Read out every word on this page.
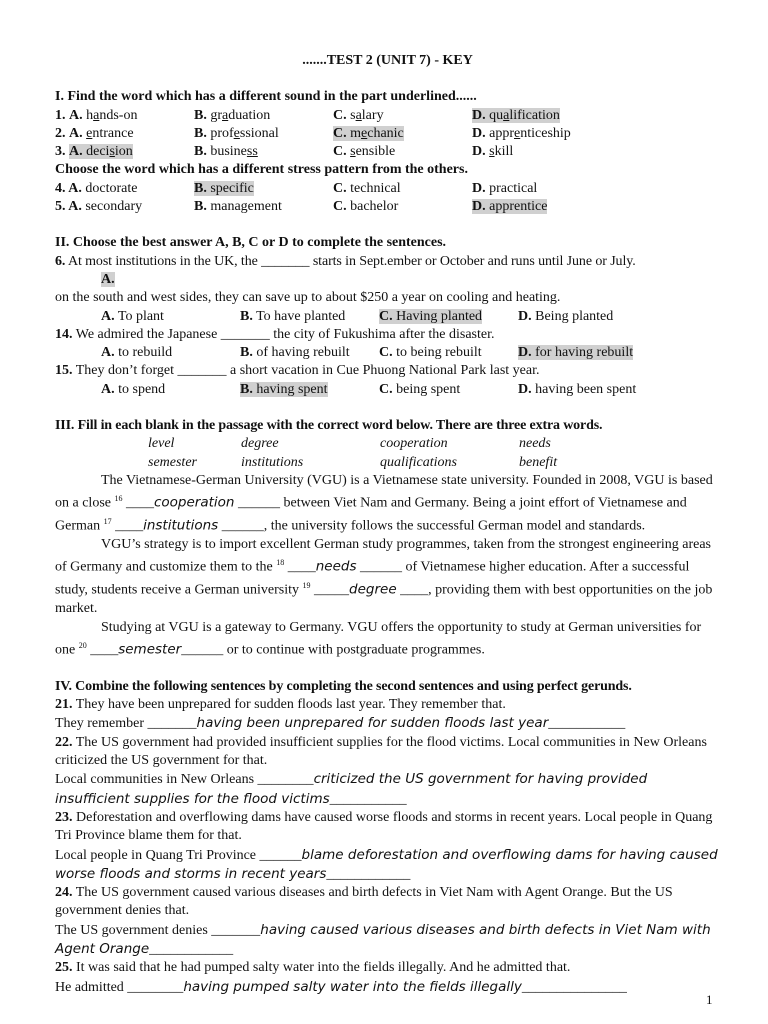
.......TEST 2 (UNIT 7) - KEY
I. Find the word which has a different sound in the part underlined......
1. A. hands-on	B. graduation	C. salary	D. qualification
2. A. entrance	B. professional	C. mechanic	D. apprenticeship
3. A. decision	B. business	C. sensible	D. skill
Choose the word which has a different stress pattern from the others.
4. A. doctorate	B. specific	C. technical	D. practical
5. A. secondary	B. management	C. bachelor	D. apprentice
II. Choose the best answer A, B, C or D to complete the sentences.
6. At most institutions in the UK, the _______ starts in Sept.ember or October and runs until June or July.
A.
on the south and west sides, they can save up to about $250 a year on cooling and heating.
A. To plant	B. To have planted	C. Having planted	D. Being planted
14. We admired the Japanese _______ the city of Fukushima after the disaster.
A. to rebuild	B. of having rebuilt	C. to being rebuilt	D. for having rebuilt
15. They don’t forget _______ a short vacation in Cue Phuong National Park last year.
A. to spend	B. having spent	C. being spent	D. having been spent
III. Fill in each blank in the passage with the correct word below. There are three extra words.
level	degree	cooperation	needs
semester	institutions	qualifications	benefit
The Vietnamese-German University (VGU) is a Vietnamese state university. Founded in 2008, VGU is based on a close $^{16}$ ____cooperation ______ between Viet Nam and Germany. Being a joint effort of Vietnamese and German $^{17}$ ____institutions ______, the university follows the successful German model and standards.
VGU’s strategy is to import excellent German study programmes, taken from the strongest engineering areas of Germany and customize them to the $^{18}$ ____needs ______ of Vietnamese higher education. After a successful study, students receive a German university $^{19}$ _____degree ____, providing them with best opportunities on the job market.
Studying at VGU is a gateway to Germany. VGU offers the opportunity to study at German universities for one $^{20}$ ____semester______ or to continue with postgraduate programmes.
IV. Combine the following sentences by completing the second sentences and using perfect gerunds.
21. They have been unprepared for sudden floods last year. They remember that.
They remember _______having been unprepared for sudden floods last year___________
22. The US government had provided insufficient supplies for the flood victims. Local communities in New Orleans criticized the US government for that.
Local communities in New Orleans ________criticized the US government for having provided insufficient supplies for the flood victims___________
23. Deforestation and overflowing dams have caused worse floods and storms in recent years. Local people in Quang Tri Province blame them for that.
Local people in Quang Tri Province ______blame deforestation and overflowing dams for having caused worse floods and storms in recent years____________
24. The US government caused various diseases and birth defects in Viet Nam with Agent Orange. But the US government denies that.
The US government denies _______having caused various diseases and birth defects in Viet Nam with Agent Orange____________
25. It was said that he had pumped salty water into the fields illegally. And he admitted that.
He admitted ________having pumped salty water into the fields illegally_______________
1
